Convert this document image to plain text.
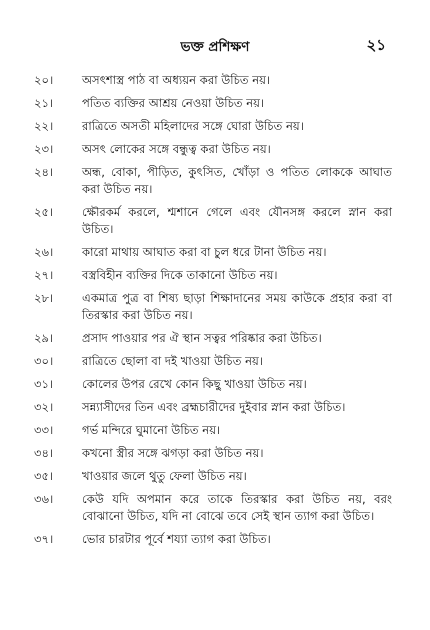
ভক্ত প্রশিক্ষণ	২১
২০।	অসৎশাস্ত্র পাঠ বা অধ্যয়ন করা উচিত নয়।
২১।	পতিত ব্যক্তির আশ্রয় নেওয়া উচিত নয়।
২২।	রাত্রিতে অসতী মহিলাদের সঙ্গে ঘোরা উচিত নয়।
২৩।	অসৎ লোকের সঙ্গে বন্ধুত্ব করা উচিত নয়।
২৪।	অন্ধ, বোকা, পীড়িত, কুৎসিত, খোঁড়া ও পতিত লোককে আঘাত করা উচিত নয়।
২৫।	ক্ষৌরকর্ম করলে, শ্মশানে গেলে এবং যৌনসঙ্গ করলে স্নান করা উচিত।
২৬।	কারো মাথায় আঘাত করা বা চুল ধরে টানা উচিত নয়।
২৭।	বস্ত্রবিহীন ব্যক্তির দিকে তাকানো উচিত নয়।
২৮।	একমাত্র পুত্র বা শিষ্য ছাড়া শিক্ষাদানের সময় কাউকে প্রহার করা বা তিরস্কার করা উচিত নয়।
২৯।	প্রসাদ পাওয়ার পর ঐ স্থান সত্বর পরিষ্কার করা উচিত।
৩০।	রাত্রিতে ছোলা বা দই খাওয়া উচিত নয়।
৩১।	কোলের উপর রেখে কোন কিছু খাওয়া উচিত নয়।
৩২।	সন্ন্যাসীদের তিন এবং ব্রহ্মচারীদের দুইবার স্নান করা উচিত।
৩৩।	গর্ভ মন্দিরে ঘুমানো উচিত নয়।
৩৪।	কখনো স্ত্রীর সঙ্গে ঝগড়া করা উচিত নয়।
৩৫।	খাওয়ার জলে থুতু ফেলা উচিত নয়।
৩৬।	কেউ যদি অপমান করে তাকে তিরস্কার করা উচিত নয়, বরং বোঝানো উচিত, যদি না বোঝে তবে সেই স্থান ত্যাগ করা উচিত।
৩৭।	ভোর চারটার পূর্বে শয্যা ত্যাগ করা উচিত।
